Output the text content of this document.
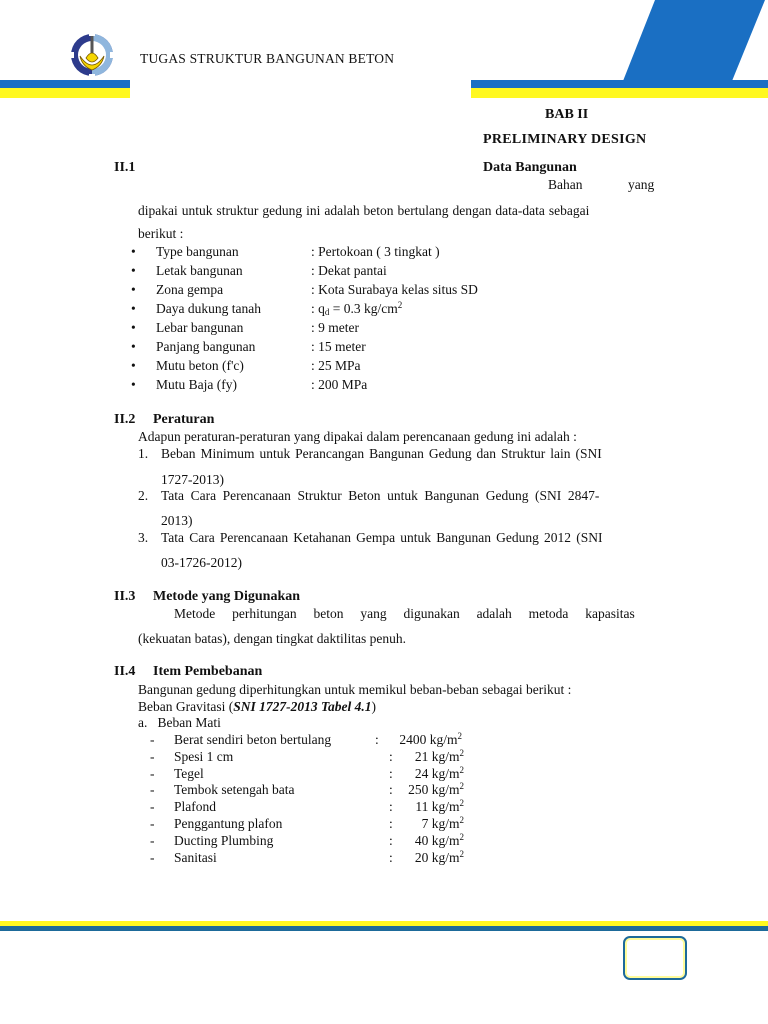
TUGAS STRUKTUR BANGUNAN BETON
BAB II
PRELIMINARY DESIGN
II.1	Data Bangunan
Bahan	yang
dipakai untuk struktur gedung ini adalah beton bertulang dengan data-data sebagai
berikut :
• Type bangunan	: Pertokoan ( 3 tingkat )
• Letak bangunan	: Dekat pantai
• Zona gempa	: Kota Surabaya kelas situs SD
• Daya dukung tanah	: $q_d = 0.3$ $kg/cm^2$
• Lebar bangunan	: 9 meter
• Panjang bangunan	: 15 meter
• Mutu beton (f'c)	: 25 MPa
• Mutu Baja (fy)	: 200 MPa
II.2 Peraturan
Adapun peraturan-peraturan yang dipakai dalam perencanaan gedung ini adalah :
1. Beban Minimum untuk Perancangan Bangunan Gedung dan Struktur lain (SNI
1727-2013)
2. Tata Cara Perencanaan Struktur Beton untuk Bangunan Gedung (SNI 2847-
2013)
3. Tata Cara Perencanaan Ketahanan Gempa untuk Bangunan Gedung 2012 (SNI
03-1726-2012)
II.3 Metode yang Digunakan
Metode perhitungan beton yang digunakan adalah metoda kapasitas
(kekuatan batas), dengan tingkat daktilitas penuh.
II.4 Item Pembebanan
Bangunan gedung diperhitungkan untuk memikul beban-beban sebagai berikut :
Beban Gravitasi (SNI 1727-2013 Tabel 4.1)
a.   Beban Mati
- Berat sendiri beton bertulang	:	2400 $kg/m^2$
- Spesi 1 cm	:	21 $kg/m^2$
- Tegel	:	24 $kg/m^2$
- Tembok setengah bata	:	250 $kg/m^2$
- Plafond	:	11 $kg/m^2$
- Penggantung plafon	:	7 $kg/m^2$
- Ducting Plumbing	:	40 $kg/m^2$
- Sanitasi	:	20 $kg/m^2$
